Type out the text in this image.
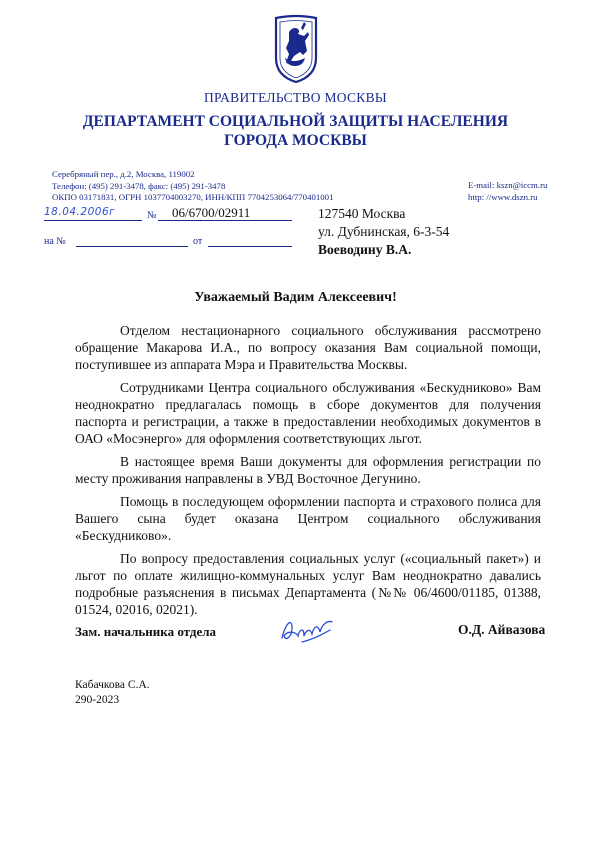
ПРАВИТЕЛЬСТВО МОСКВЫ
ДЕПАРТАМЕНТ СОЦИАЛЬНОЙ ЗАЩИТЫ НАСЕЛЕНИЯ
ГОРОДА МОСКВЫ
Серебряный пер., д.2, Москва, 119002
Телефон: (495) 291-3478, факс: (495) 291-3478
ОКПО 03171831, ОГРН 1037704003270, ИНН/КПП 7704253064/770401001
E-mail: kszn@iccm.ru
http: //www.dszn.ru
18.04.2006г	№	06/6700/02911
на №	от
127540 Москва
ул. Дубнинская, 6-3-54
Воеводину В.А.
Уважаемый Вадим Алексеевич!

Отделом нестационарного социального обслуживания рассмотрено обращение Макарова И.А., по вопросу оказания Вам социальной помощи, поступившее из аппарата Мэра и Правительства Москвы.

Сотрудниками Центра социального обслуживания «Бескудниково» Вам неоднократно предлагалась помощь в сборе документов для получения паспорта и регистрации, а также в предоставлении необходимых документов в ОАО «Мосэнерго» для оформления соответствующих льгот.

В настоящее время Ваши документы для оформления регистрации по месту проживания направлены в УВД Восточное Дегунино.

Помощь в последующем оформлении паспорта и страхового полиса для Вашего сына будет оказана Центром социального обслуживания «Бескудниково».

По вопросу предоставления социальных услуг («социальный пакет») и льгот по оплате жилищно-коммунальных услуг Вам неоднократно давались подробные разъяснения в письмах Департамента (№№ 06/4600/01185, 01388, 01524, 02016, 02021).

Зам. начальника отдела	О.Д. Айвазова
Кабачкова С.А.
290-2023
